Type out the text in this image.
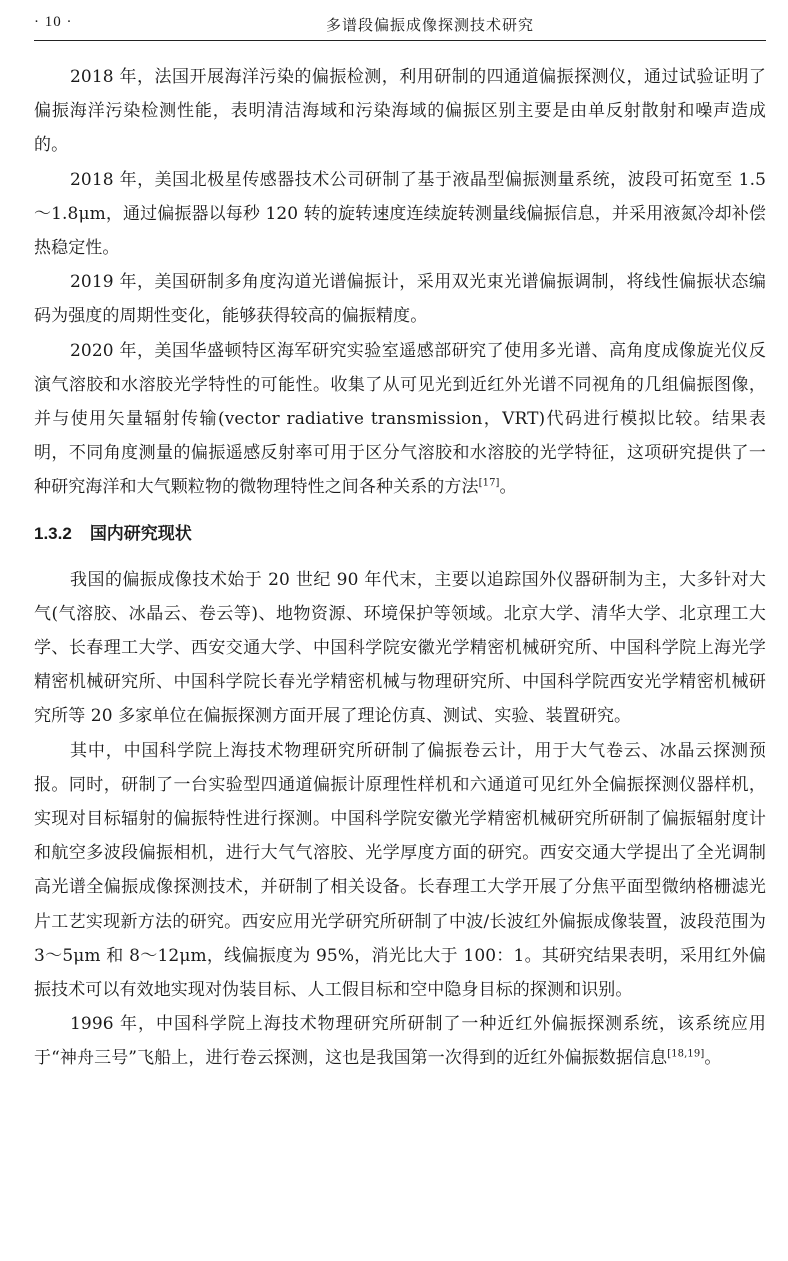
· 10 ·	多谱段偏振成像探测技术研究

2018 年，法国开展海洋污染的偏振检测，利用研制的四通道偏振探测仪，通过试验证明了偏振海洋污染检测性能，表明清洁海域和污染海域的偏振区别主要是由单反射散射和噪声造成的。

2018 年，美国北极星传感器技术公司研制了基于液晶型偏振测量系统，波段可拓宽至 1.5～1.8μm，通过偏振器以每秒 120 转的旋转速度连续旋转测量线偏振信息，并采用液氮冷却补偿热稳定性。

2019 年，美国研制多角度沟道光谱偏振计，采用双光束光谱偏振调制，将线性偏振状态编码为强度的周期性变化，能够获得较高的偏振精度。

2020 年，美国华盛顿特区海军研究实验室遥感部研究了使用多光谱、高角度成像旋光仪反演气溶胶和水溶胶光学特性的可能性。收集了从可见光到近红外光谱不同视角的几组偏振图像，并与使用矢量辐射传输(vector radiative transmission，VRT)代码进行模拟比较。结果表明，不同角度测量的偏振遥感反射率可用于区分气溶胶和水溶胶的光学特征，这项研究提供了一种研究海洋和大气颗粒物的微物理特性之间各种关系的方法[17]。

1.3.2 国内研究现状

我国的偏振成像技术始于 20 世纪 90 年代末，主要以追踪国外仪器研制为主，大多针对大气(气溶胶、冰晶云、卷云等)、地物资源、环境保护等领域。北京大学、清华大学、北京理工大学、长春理工大学、西安交通大学、中国科学院安徽光学精密机械研究所、中国科学院上海光学精密机械研究所、中国科学院长春光学精密机械与物理研究所、中国科学院西安光学精密机械研究所等 20 多家单位在偏振探测方面开展了理论仿真、测试、实验、装置研究。

其中，中国科学院上海技术物理研究所研制了偏振卷云计，用于大气卷云、冰晶云探测预报。同时，研制了一台实验型四通道偏振计原理性样机和六通道可见红外全偏振探测仪器样机，实现对目标辐射的偏振特性进行探测。中国科学院安徽光学精密机械研究所研制了偏振辐射度计和航空多波段偏振相机，进行大气气溶胶、光学厚度方面的研究。西安交通大学提出了全光调制高光谱全偏振成像探测技术，并研制了相关设备。长春理工大学开展了分焦平面型微纳格栅滤光片工艺实现新方法的研究。西安应用光学研究所研制了中波/长波红外偏振成像装置，波段范围为 3～5μm 和 8～12μm，线偏振度为 95%，消光比大于 100：1。其研究结果表明，采用红外偏振技术可以有效地实现对伪装目标、人工假目标和空中隐身目标的探测和识别。

1996 年，中国科学院上海技术物理研究所研制了一种近红外偏振探测系统，该系统应用于“神舟三号”飞船上，进行卷云探测，这也是我国第一次得到的近红外偏振数据信息[18,19]。
